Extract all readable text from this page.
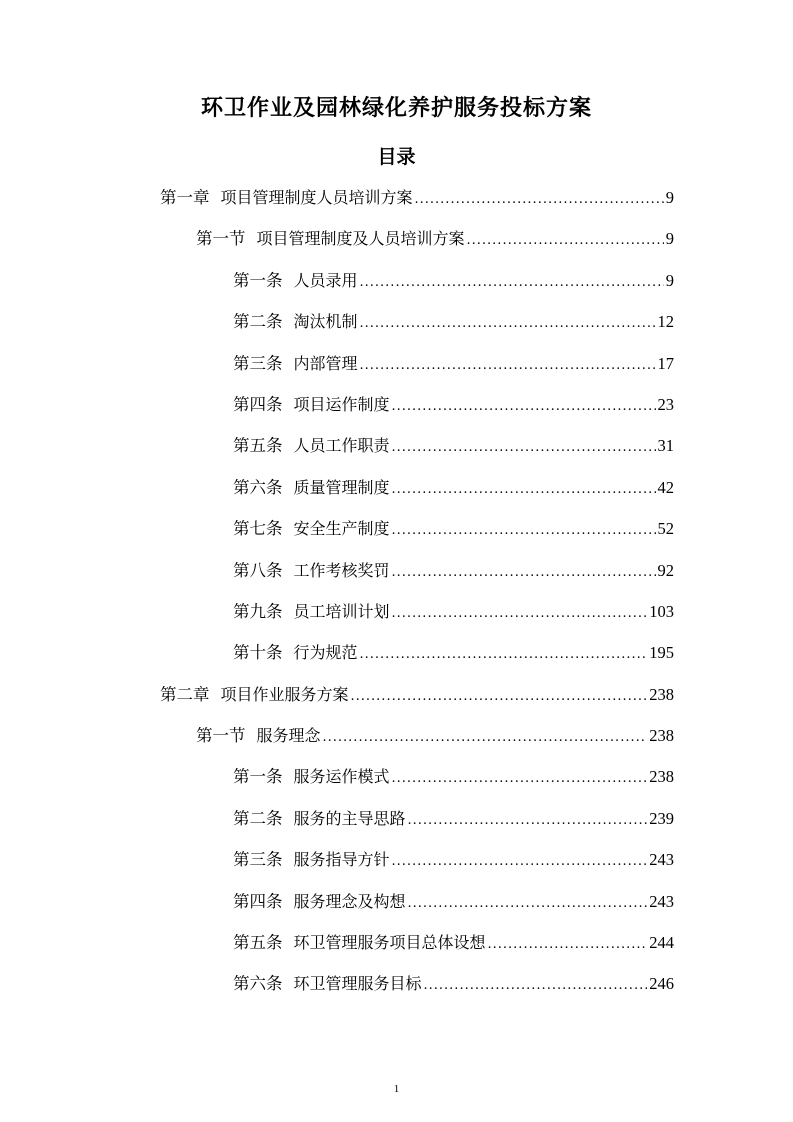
环卫作业及园林绿化养护服务投标方案
目录
第一章 项目管理制度人员培训方案 .....	9
第一节 项目管理制度及人员培训方案 .....	9
第一条 人员录用 .....	9
第二条 淘汰机制 .....	12
第三条 内部管理 .....	17
第四条 项目运作制度 .....	23
第五条 人员工作职责 .....	31
第六条 质量管理制度 .....	42
第七条 安全生产制度 .....	52
第八条 工作考核奖罚 .....	92
第九条 员工培训计划 .....	103
第十条 行为规范 .....	195
第二章 项目作业服务方案 .....	238
第一节 服务理念 .....	238
第一条 服务运作模式 .....	238
第二条 服务的主导思路 .....	239
第三条 服务指导方针 .....	243
第四条 服务理念及构想 .....	243
第五条 环卫管理服务项目总体设想 .....	244
第六条 环卫管理服务目标 .....	246
1
